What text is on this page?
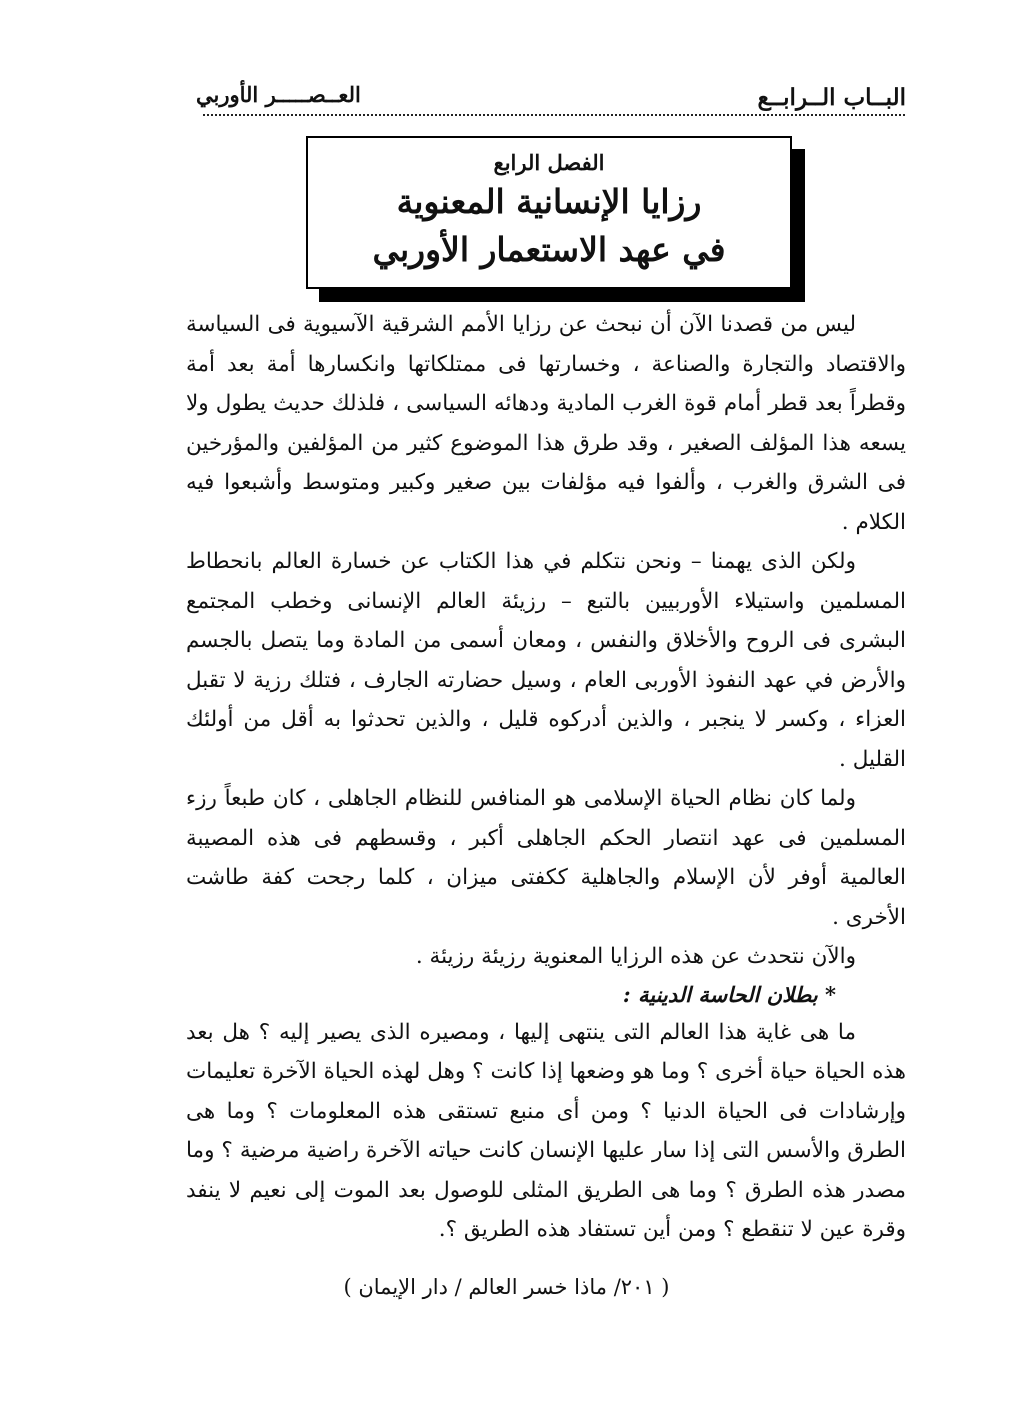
البــاب الــرابــع
العــصـــــر الأوربي
الفصل الرابع
رزايا الإنسانية المعنوية
في عهد الاستعمار الأوربي

ليس من قصدنا الآن أن نبحث عن رزايا الأمم الشرقية الآسيوية فى السياسة والاقتصاد والتجارة والصناعة ، وخسارتها فى ممتلكاتها وانكسارها أمة بعد أمة وقطراً بعد قطر أمام قوة الغرب المادية ودهائه السياسى ، فلذلك حديث يطول ولا يسعه هذا المؤلف الصغير ، وقد طرق هذا الموضوع كثير من المؤلفين والمؤرخين فى الشرق والغرب ، وألفوا فيه مؤلفات بين صغير وكبير ومتوسط وأشبعوا فيه الكلام .

ولكن الذى يهمنا – ونحن نتكلم في هذا الكتاب عن خسارة العالم بانحطاط المسلمين واستيلاء الأوربيين بالتبع – رزيئة العالم الإنسانى وخطب المجتمع البشرى فى الروح والأخلاق والنفس ، ومعان أسمى من المادة وما يتصل بالجسم والأرض في عهد النفوذ الأوربى العام ، وسيل حضارته الجارف ، فتلك رزية لا تقبل العزاء ، وكسر لا ينجبر ، والذين أدركوه قليل ، والذين تحدثوا به أقل من أولئك القليل .

ولما كان نظام الحياة الإسلامى هو المنافس للنظام الجاهلى ، كان طبعاً رزء المسلمين فى عهد انتصار الحكم الجاهلى أكبر ، وقسطهم فى هذه المصيبة العالمية أوفر لأن الإسلام والجاهلية ككفتى ميزان ، كلما رجحت كفة طاشت الأخرى .

والآن نتحدث عن هذه الرزايا المعنوية رزيئة رزيئة .

* بطلان الحاسة الدينية :

ما هى غاية هذا العالم التى ينتهى إليها ، ومصيره الذى يصير إليه ؟ هل بعد هذه الحياة حياة أخرى ؟ وما هو وضعها إذا كانت ؟ وهل لهذه الحياة الآخرة تعليمات وإرشادات فى الحياة الدنيا ؟ ومن أى منبع تستقى هذه المعلومات ؟ وما هى الطرق والأسس التى إذا سار عليها الإنسان كانت حياته الآخرة راضية مرضية ؟ وما مصدر هذه الطرق ؟ وما هى الطريق المثلى للوصول بعد الموت إلى نعيم لا ينفد وقرة عين لا تنقطع ؟ ومن أين تستفاد هذه الطريق ؟.

( ٢٠١/ ماذا خسر العالم / دار الإيمان )
